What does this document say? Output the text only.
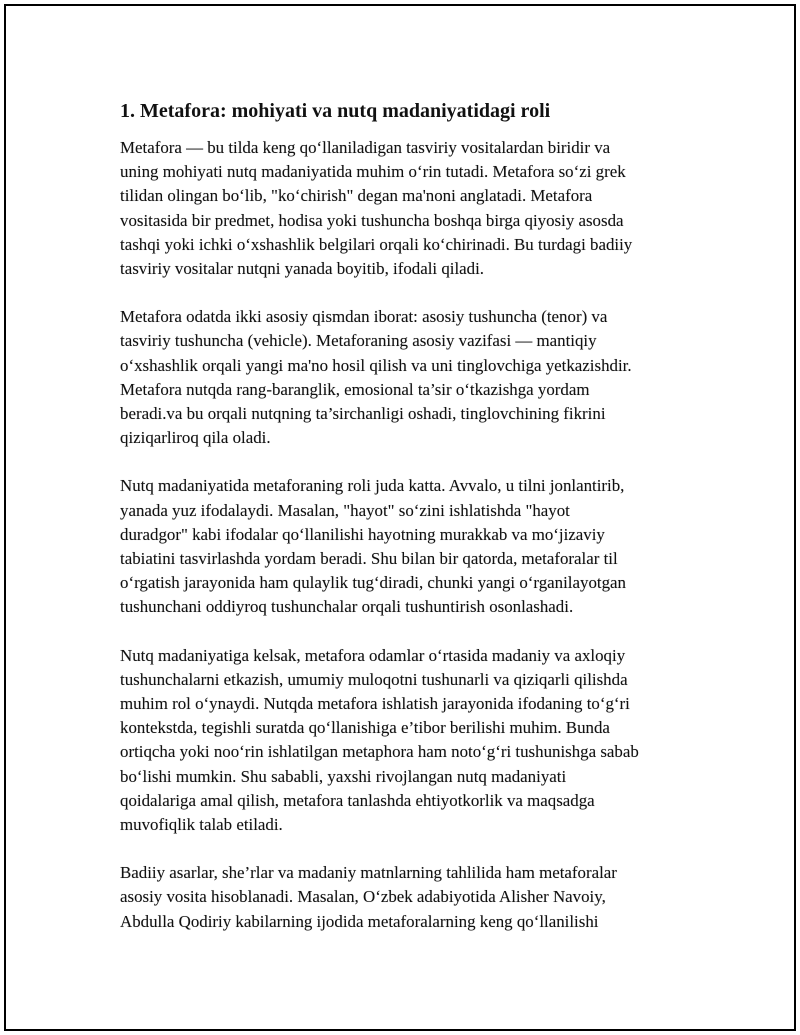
1. Metafora: mohiyati va nutq madaniyatidagi roli

Metafora — bu tilda keng qo‘llaniladigan tasviriy vositalardan biridir va
uning mohiyati nutq madaniyatida muhim o‘rin tutadi. Metafora so‘zi grek
tilidan olingan bo‘lib, "ko‘chirish" degan ma'noni anglatadi. Metafora
vositasida bir predmet, hodisa yoki tushuncha boshqa birga qiyosiy asosda
tashqi yoki ichki o‘xshashlik belgilari orqali ko‘chirinadi. Bu turdagi badiiy
tasviriy vositalar nutqni yanada boyitib, ifodali qiladi.

Metafora odatda ikki asosiy qismdan iborat: asosiy tushuncha (tenor) va
tasviriy tushuncha (vehicle). Metaforaning asosiy vazifasi — mantiqiy
o‘xshashlik orqali yangi ma'no hosil qilish va uni tinglovchiga yetkazishdir.
Metafora nutqda rang-baranglik, emosional ta’sir o‘tkazishga yordam
beradi.va bu orqali nutqning ta’sirchanligi oshadi, tinglovchining fikrini
qiziqarliroq qila oladi.

Nutq madaniyatida metaforaning roli juda katta. Avvalo, u tilni jonlantirib,
yanada yuz ifodalaydi. Masalan, "hayot" so‘zini ishlatishda "hayot
duradgor" kabi ifodalar qo‘llanilishi hayotning murakkab va mo‘jizaviy
tabiatini tasvirlashda yordam beradi. Shu bilan bir qatorda, metaforalar til
o‘rgatish jarayonida ham qulaylik tug‘diradi, chunki yangi o‘rganilayotgan
tushunchani oddiyroq tushunchalar orqali tushuntirish osonlashadi.

Nutq madaniyatiga kelsak, metafora odamlar o‘rtasida madaniy va axloqiy
tushunchalarni etkazish, umumiy muloqotni tushunarli va qiziqarli qilishda
muhim rol o‘ynaydi. Nutqda metafora ishlatish jarayonida ifodaning to‘g‘ri
kontekstda, tegishli suratda qo‘llanishiga e’tibor berilishi muhim. Bunda
ortiqcha yoki noo‘rin ishlatilgan metaphora ham noto‘g‘ri tushunishga sabab
bo‘lishi mumkin. Shu sababli, yaxshi rivojlangan nutq madaniyati
qoidalariga amal qilish, metafora tanlashda ehtiyotkorlik va maqsadga
muvofiqlik talab etiladi.

Badiiy asarlar, she’rlar va madaniy matnlarning tahlilida ham metaforalar
asosiy vosita hisoblanadi. Masalan, O‘zbek adabiyotida Alisher Navoiy,
Abdulla Qodiriy kabilarning ijodida metaforalarning keng qo‘llanilishi
